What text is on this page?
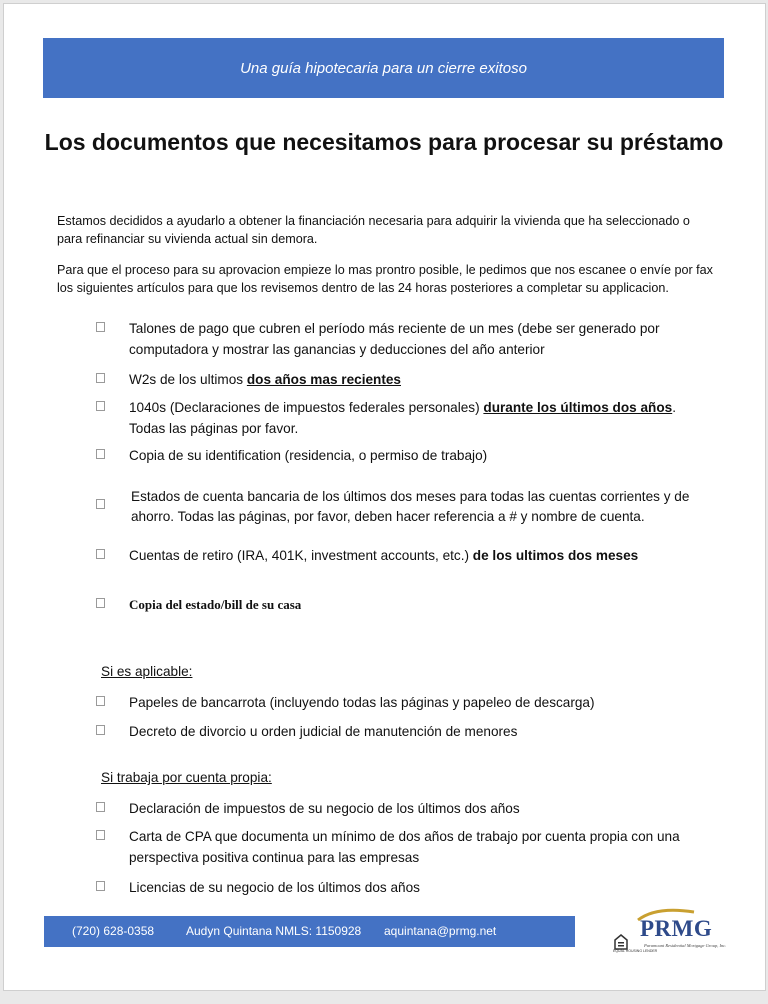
Una guía hipotecaria para un cierre exitoso
Los documentos que necesitamos para procesar su préstamo

Estamos decididos a ayudarlo a obtener la financiación necesaria para adquirir la vivienda que ha seleccionado o para refinanciar su vivienda actual sin demora.

Para que el proceso para su aprovacion empieze lo mas prontro posible, le pedimos que nos escanee o envíe por fax los siguientes artículos para que los revisemos dentro de las 24 horas posteriores a completar su applicacion.

Talones de pago que cubren el período más reciente de un mes (debe ser generado por computadora y mostrar las ganancias y deducciones del año anterior
W2s de los ultimos dos años mas recientes
1040s (Declaraciones de impuestos federales personales) durante los últimos dos años. Todas las páginas por favor.
Copia de su identification (residencia, o permiso de trabajo)
Estados de cuenta bancaria de los últimos dos meses para todas las cuentas corrientes y de ahorro. Todas las páginas, por favor, deben hacer referencia a # y nombre de cuenta.
Cuentas de retiro (IRA, 401K, investment accounts, etc.) de los ultimos dos meses
Copia del estado/bill de su casa
Si es aplicable:
Papeles de bancarrota (incluyendo todas las páginas y papeleo de descarga)
Decreto de divorcio u orden judicial de manutención de menores
Si trabaja por cuenta propia:
Declaración de impuestos de su negocio de los últimos dos años
Carta de CPA que documenta un mínimo de dos años de trabajo por cuenta propia con una perspectiva positiva continua para las empresas
Licencias de su negocio de los últimos dos años
(720) 628-0358	Audyn Quintana NMLS: 1150928 aquintana@prmg.net
EQUAL HOUSING LENDER
PRMG
Paramount Residential Mortgage Group, Inc.
